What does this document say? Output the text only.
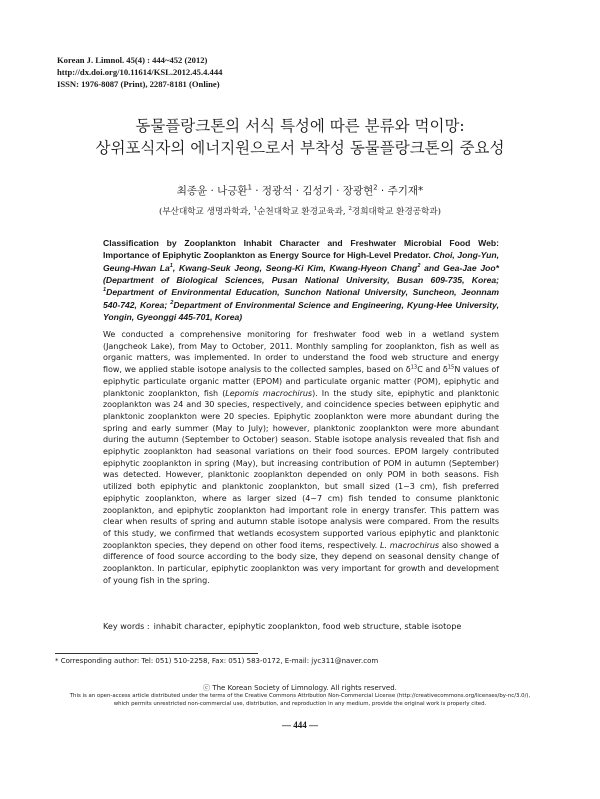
Korean J. Limnol. 45(4) : 444~452 (2012)
http://dx.doi.org/10.11614/KSL.2012.45.4.444
ISSN: 1976-8087 (Print), 2287-8181 (Online)
동물플랑크톤의 서식 특성에 따른 분류와 먹이망:
상위포식자의 에너지원으로서 부착성 동물플랑크톤의 중요성
최종윤 · 나긍환$^1$ · 정광석 · 김성기 · 장광현$^2$ · 주기재*
(부산대학교 생명과학과, $^1$순천대학교 환경교육과, $^2$경희대학교 환경공학과)
Classification by Zooplankton Inhabit Character and Freshwater Microbial Food Web: Importance of Epiphytic Zooplankton as Energy Source for High-Level Predator. Choi, Jong-Yun, Geung-Hwan La$^1$, Kwang-Seuk Jeong, Seong-Ki Kim, Kwang-Hyeon Chang$^2$ and Gea-Jae Joo* (Department of Biological Sciences, Pusan National University, Busan 609-735, Korea; $^1$Department of Environmental Education, Sunchon National University, Suncheon, Jeonnam 540-742, Korea; $^2$Department of Environmental Science and Engineering, Kyung-Hee University, Yongin, Gyeonggi 445-701, Korea)
We conducted a comprehensive monitoring for freshwater food web in a wetland system (Jangcheok Lake), from May to October, 2011. Monthly sampling for zooplankton, fish as well as organic matters, was implemented. In order to understand the food web structure and energy flow, we applied stable isotope analysis to the collected samples, based on $\delta^{13}C$ and $\delta^{15}N$ values of epiphytic particulate organic matter (EPOM) and particulate organic matter (POM), epiphytic and planktonic zooplankton, fish (Lepomis macrochirus). In the study site, epiphytic and planktonic zooplankton was 24 and 30 species, respectively, and coincidence species between epiphytic and planktonic zooplankton were 20 species. Epiphytic zooplankton were more abundant during the spring and early summer (May to July); however, planktonic zooplankton were more abundant during the autumn (September to October) season. Stable isotope analysis revealed that fish and epiphytic zooplankton had seasonal variations on their food sources. EPOM largely contributed epiphytic zooplankton in spring (May), but increasing contribution of POM in autumn (September) was detected. However, planktonic zooplankton depended on only POM in both seasons. Fish utilized both epiphytic and planktonic zooplankton, but small sized (1~3 cm), fish preferred epiphytic zooplankton, where as larger sized (4~7 cm) fish tended to consume planktonic zooplankton, and epiphytic zooplankton had important role in energy transfer. This pattern was clear when results of spring and autumn stable isotope analysis were compared. From the results of this study, we confirmed that wetlands ecosystem supported various epiphytic and planktonic zooplankton species, they depend on other food items, respectively. L. macrochirus also showed a difference of food source according to the body size, they depend on seasonal density change of zooplankton. In particular, epiphytic zooplankton was very important for growth and development of young fish in the spring.
Key words : inhabit character, epiphytic zooplankton, food web structure, stable isotope
* Corresponding author: Tel: 051) 510-2258, Fax: 051) 583-0172, E-mail: jyc311@naver.com
ⓒ The Korean Society of Limnology. All rights reserved.
This is an open-access article distributed under the terms of the Creative Commons Attribution Non-Commercial License (http://creativecommons.org/licenses/by-nc/3.0/),
which permits unrestricted non-commercial use, distribution, and reproduction in any medium, provide the original work is properly cited.
― 444 ―
